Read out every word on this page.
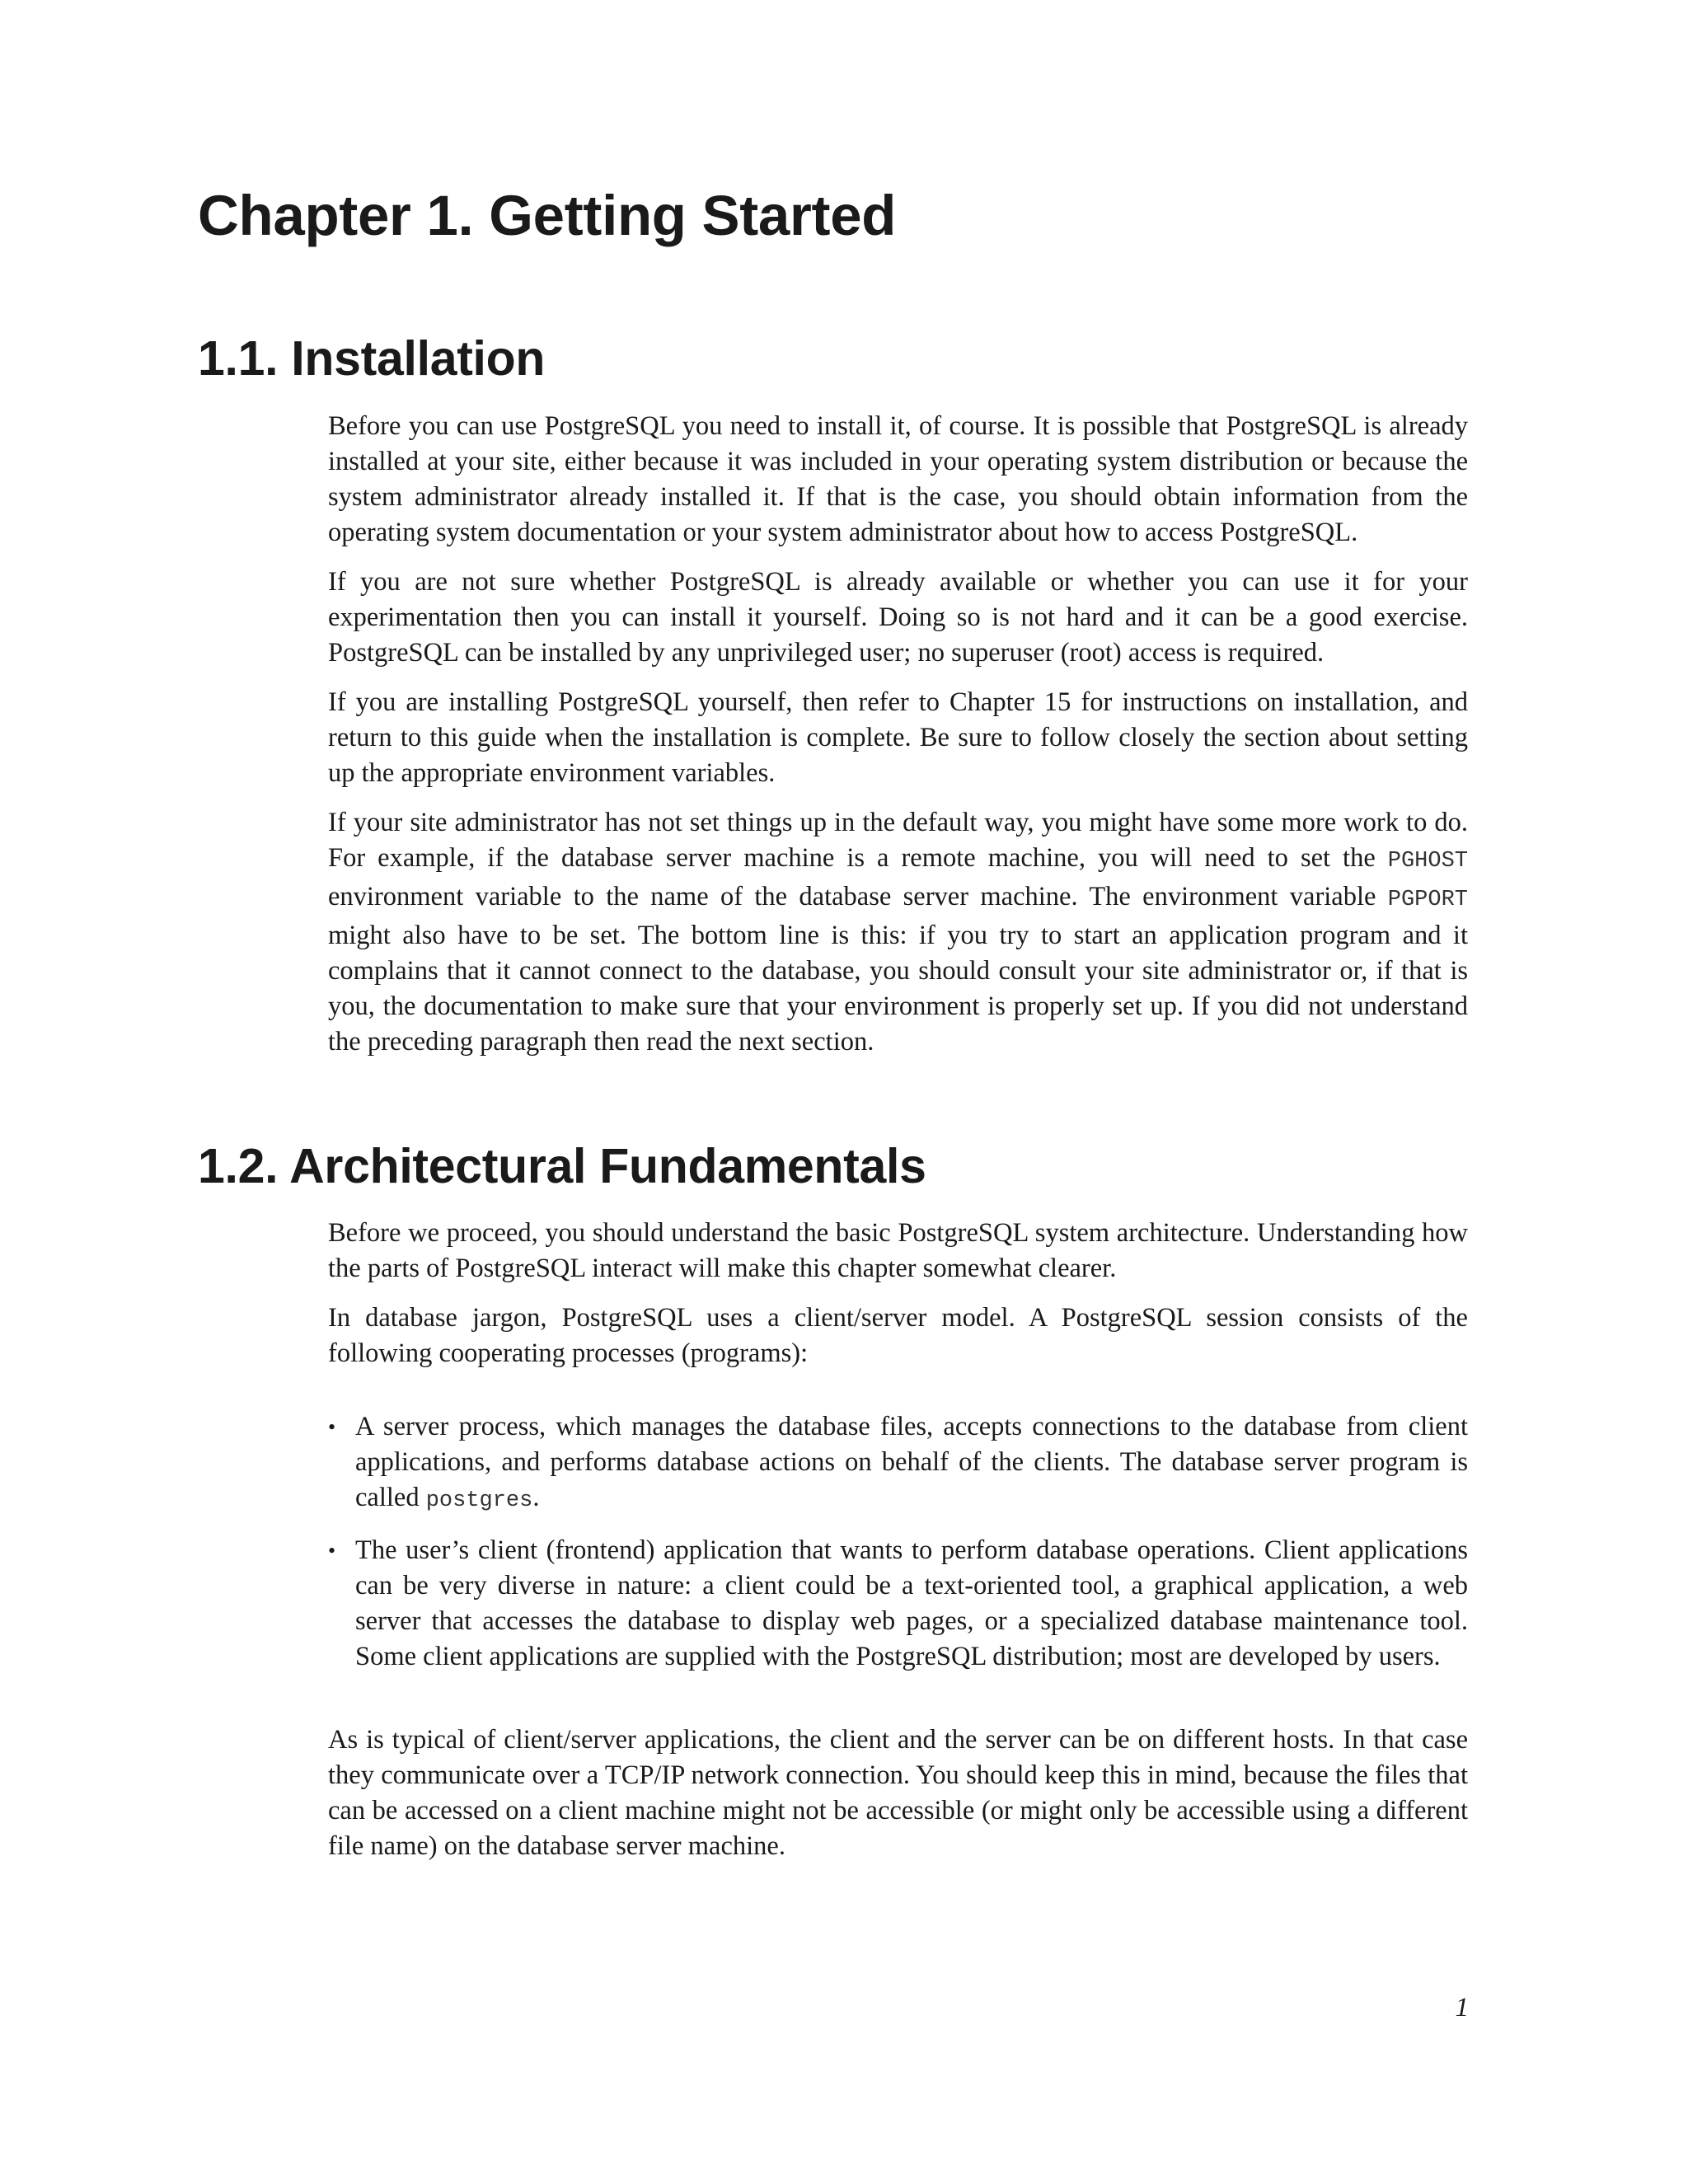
Chapter 1. Getting Started
1.1. Installation

Before you can use PostgreSQL you need to install it, of course. It is possible that PostgreSQL is already installed at your site, either because it was included in your operating system distribution or because the system administrator already installed it. If that is the case, you should obtain information from the operating system documentation or your system administrator about how to access PostgreSQL.

If you are not sure whether PostgreSQL is already available or whether you can use it for your experimentation then you can install it yourself. Doing so is not hard and it can be a good exercise. PostgreSQL can be installed by any unprivileged user; no superuser (root) access is required.

If you are installing PostgreSQL yourself, then refer to Chapter 15 for instructions on installation, and return to this guide when the installation is complete. Be sure to follow closely the section about setting up the appropriate environment variables.

If your site administrator has not set things up in the default way, you might have some more work to do. For example, if the database server machine is a remote machine, you will need to set the PGHOST environment variable to the name of the database server machine. The environment variable PGPORT might also have to be set. The bottom line is this: if you try to start an application program and it complains that it cannot connect to the database, you should consult your site administrator or, if that is you, the documentation to make sure that your environment is properly set up. If you did not understand the preceding paragraph then read the next section.

1.2. Architectural Fundamentals

Before we proceed, you should understand the basic PostgreSQL system architecture. Understanding how the parts of PostgreSQL interact will make this chapter somewhat clearer.

In database jargon, PostgreSQL uses a client/server model. A PostgreSQL session consists of the following cooperating processes (programs):

• A server process, which manages the database files, accepts connections to the database from client applications, and performs database actions on behalf of the clients. The database server program is called postgres.
• The user’s client (frontend) application that wants to perform database operations. Client applications can be very diverse in nature: a client could be a text-oriented tool, a graphical application, a web server that accesses the database to display web pages, or a specialized database maintenance tool. Some client applications are supplied with the PostgreSQL distribution; most are developed by users.

As is typical of client/server applications, the client and the server can be on different hosts. In that case they communicate over a TCP/IP network connection. You should keep this in mind, because the files that can be accessed on a client machine might not be accessible (or might only be accessible using a different file name) on the database server machine.

1
